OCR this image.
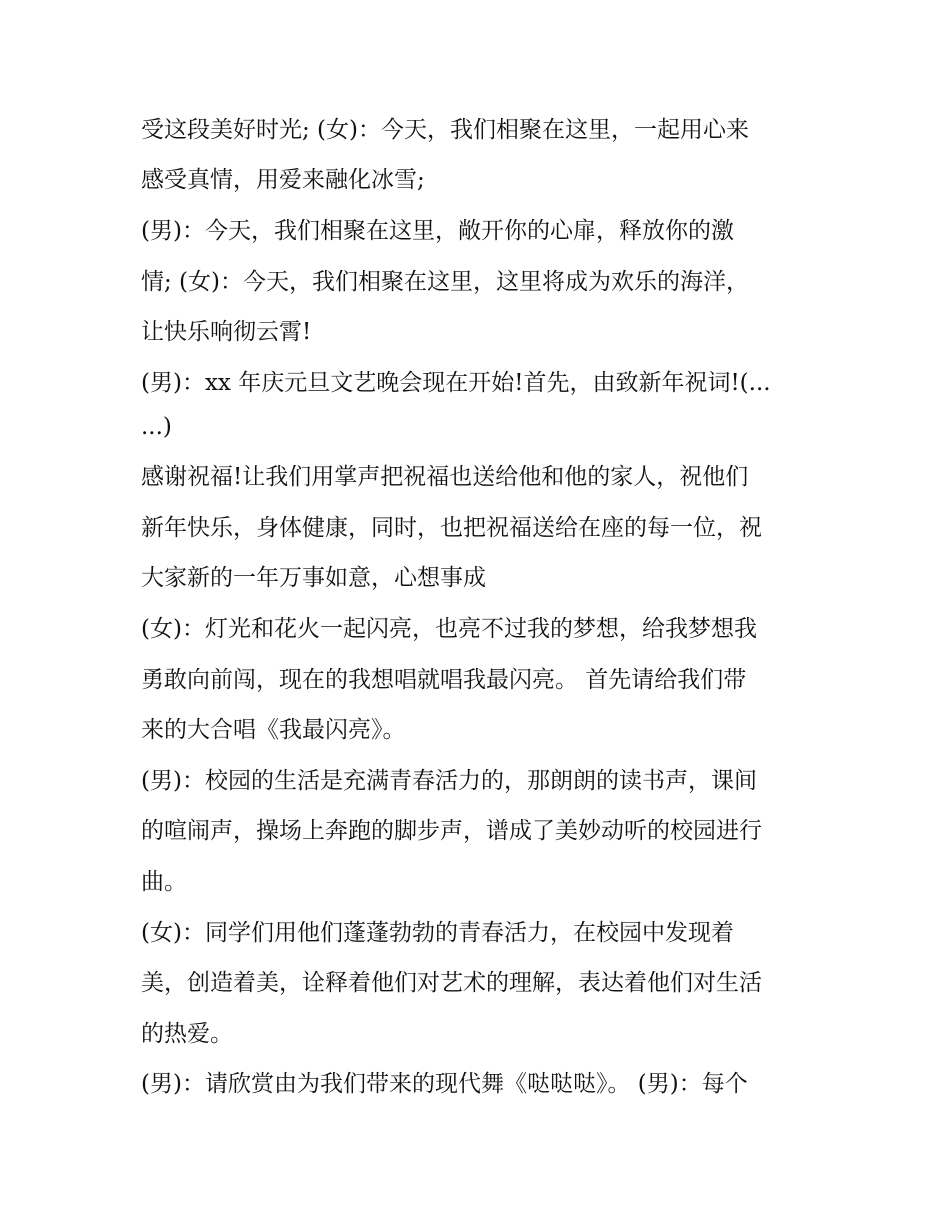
受这段美好时光; (女)：今天，我们相聚在这里，一起用心来
感受真情，用爱来融化冰雪;
(男)：今天，我们相聚在这里，敞开你的心扉，释放你的激
情; (女)：今天，我们相聚在这里，这里将成为欢乐的海洋，
让快乐响彻云霄!
(男)：xx 年庆元旦文艺晚会现在开始!首先，由致新年祝词!(...
...)
感谢祝福!让我们用掌声把祝福也送给他和他的家人，祝他们
新年快乐，身体健康，同时，也把祝福送给在座的每一位，祝
大家新的一年万事如意，心想事成
(女)：灯光和花火一起闪亮，也亮不过我的梦想，给我梦想我
勇敢向前闯，现在的我想唱就唱我最闪亮。 首先请给我们带
来的大合唱《我最闪亮》。
(男)：校园的生活是充满青春活力的，那朗朗的读书声，课间
的喧闹声，操场上奔跑的脚步声，谱成了美妙动听的校园进行
曲。
(女)：同学们用他们蓬蓬勃勃的青春活力，在校园中发现着
美，创造着美，诠释着他们对艺术的理解，表达着他们对生活
的热爱。
(男)：请欣赏由为我们带来的现代舞《哒哒哒》。 (男)：每个
